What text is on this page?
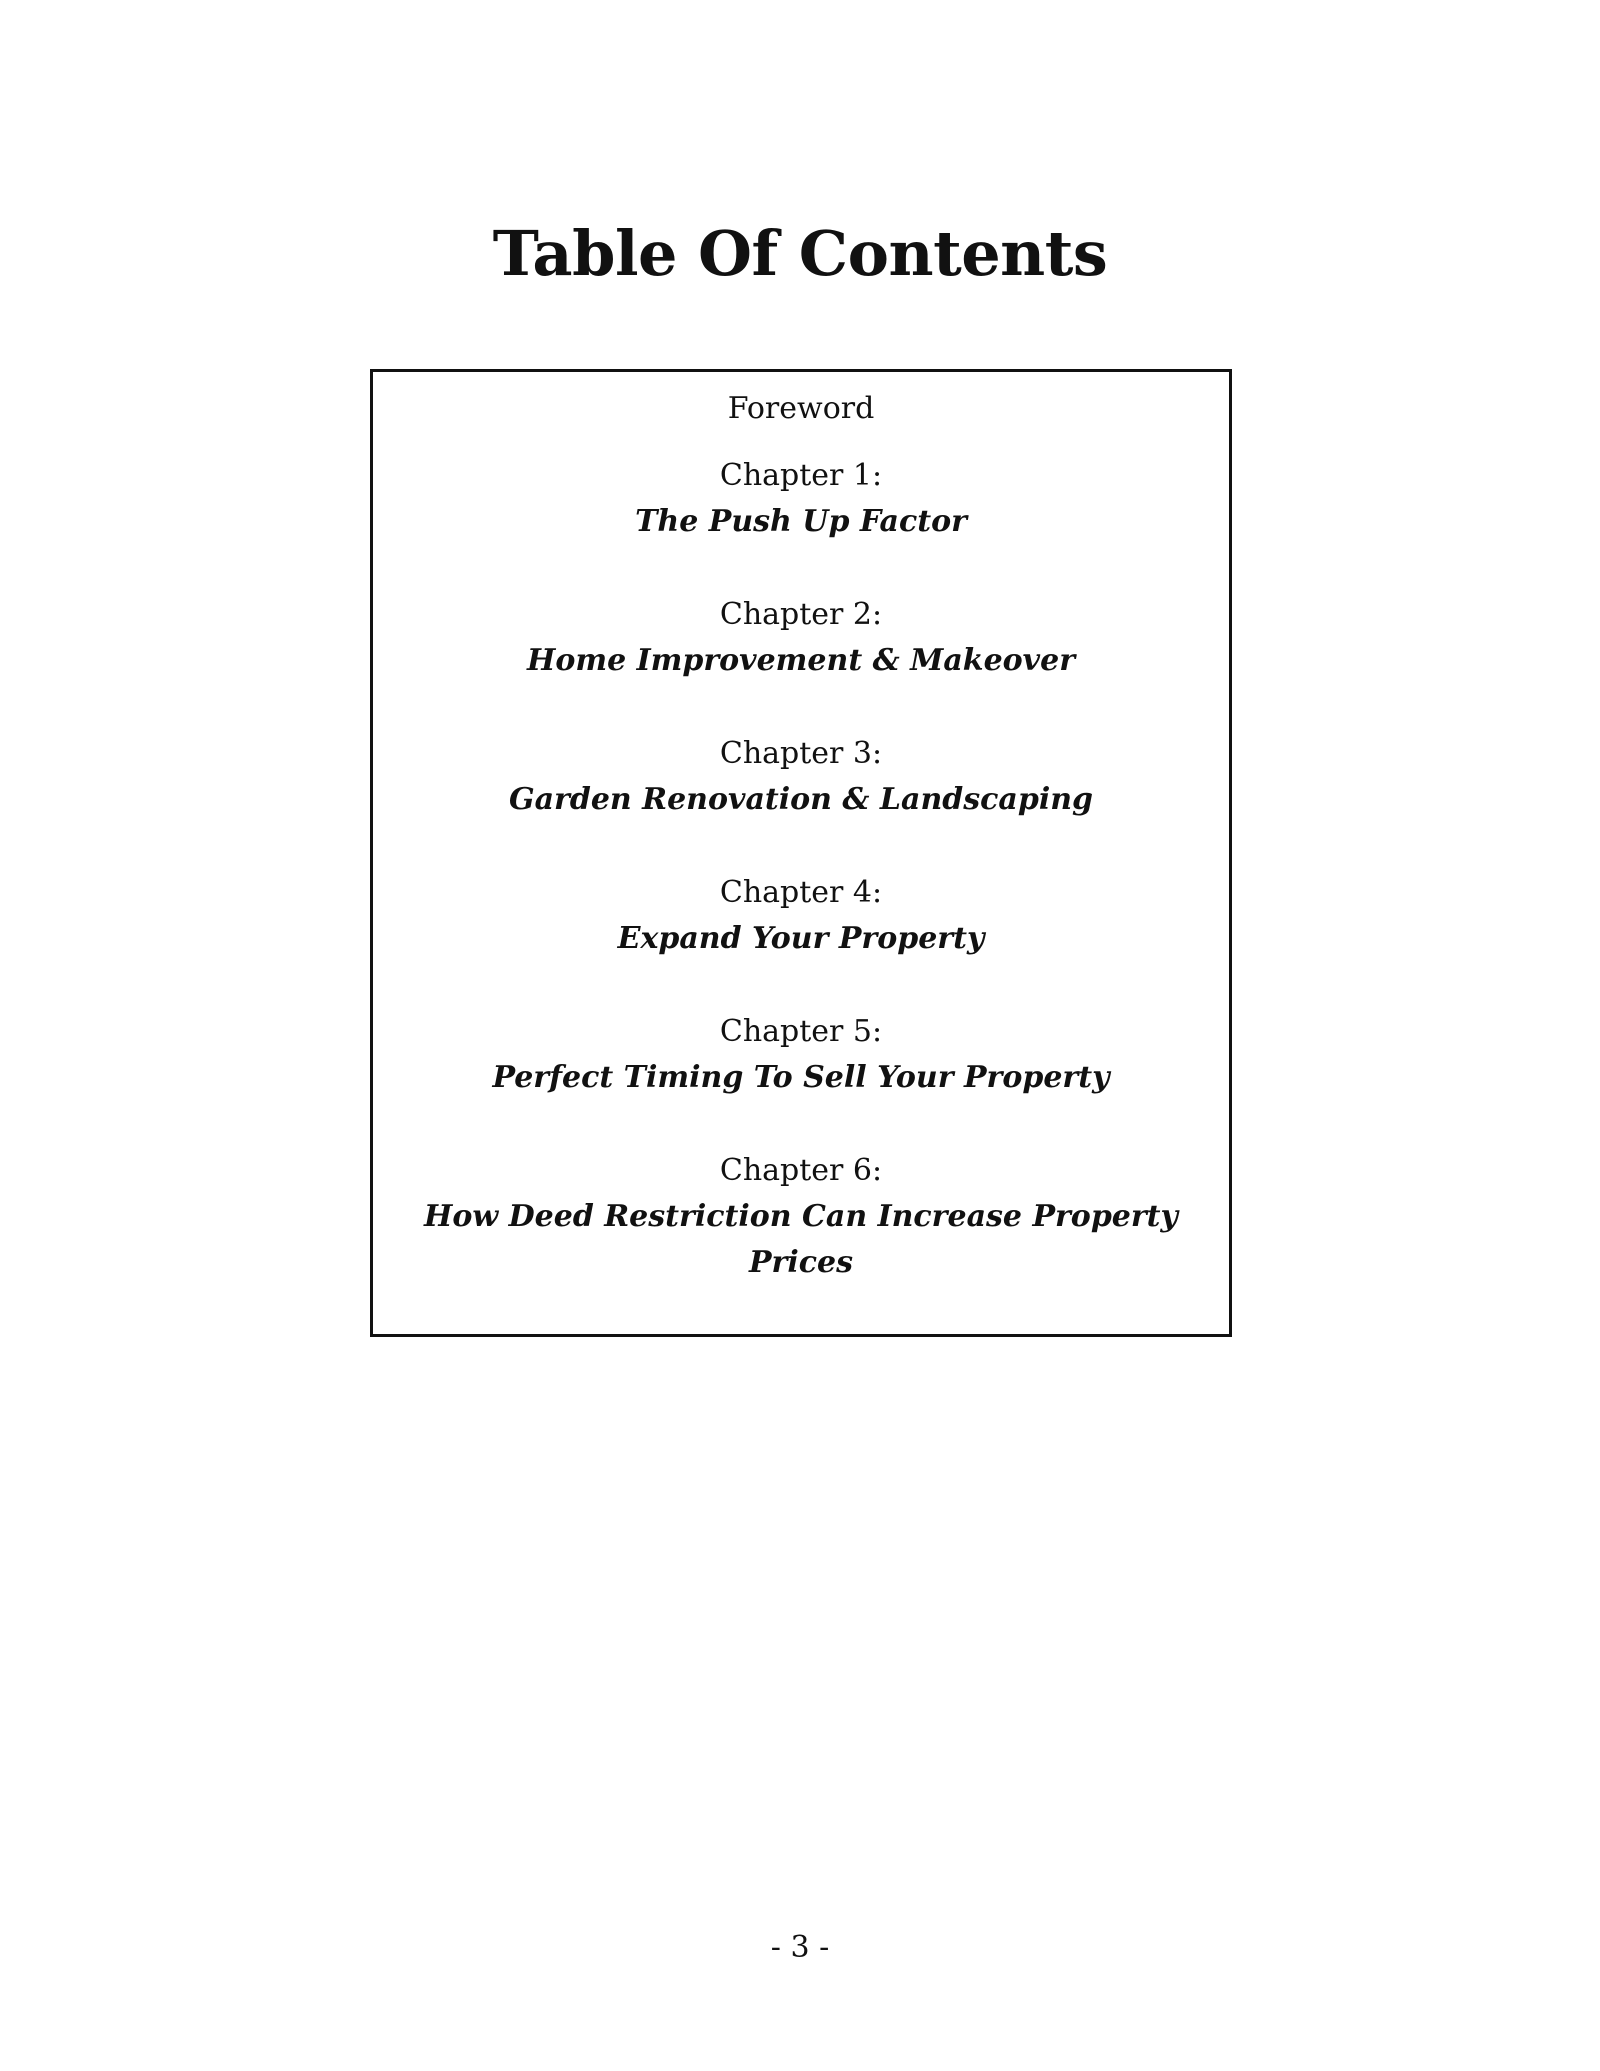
Table Of Contents
Foreword
Chapter 1:
The Push Up Factor
Chapter 2:
Home Improvement & Makeover
Chapter 3:
Garden Renovation & Landscaping
Chapter 4:
Expand Your Property
Chapter 5:
Perfect Timing To Sell Your Property
Chapter 6:
How Deed Restriction Can Increase Property Prices
- 3 -
